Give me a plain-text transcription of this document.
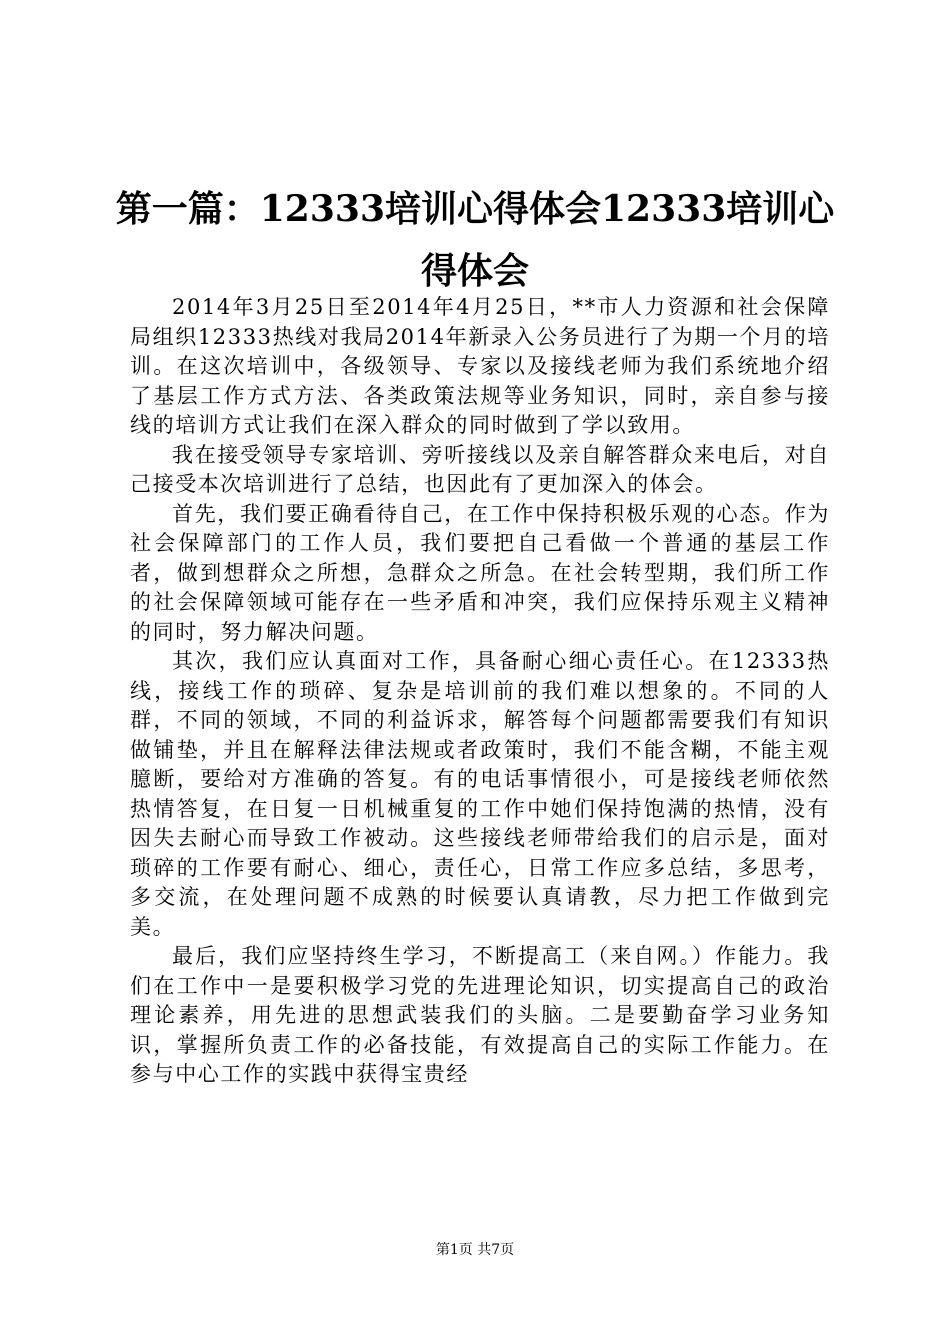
第一篇：12333培训心得体会12333培训心得体会

2014年3月25日至2014年4月25日，**市人力资源和社会保障局组织12333热线对我局2014年新录入公务员进行了为期一个月的培训。在这次培训中，各级领导、专家以及接线老师为我们系统地介绍了基层工作方式方法、各类政策法规等业务知识，同时，亲自参与接线的培训方式让我们在深入群众的同时做到了学以致用。

我在接受领导专家培训、旁听接线以及亲自解答群众来电后，对自己接受本次培训进行了总结，也因此有了更加深入的体会。

首先，我们要正确看待自己，在工作中保持积极乐观的心态。作为社会保障部门的工作人员，我们要把自己看做一个普通的基层工作者，做到想群众之所想，急群众之所急。在社会转型期，我们所工作的社会保障领域可能存在一些矛盾和冲突，我们应保持乐观主义精神的同时，努力解决问题。

其次，我们应认真面对工作，具备耐心细心责任心。在12333热线，接线工作的琐碎、复杂是培训前的我们难以想象的。不同的人群，不同的领域，不同的利益诉求，解答每个问题都需要我们有知识做铺垫，并且在解释法律法规或者政策时，我们不能含糊，不能主观臆断，要给对方准确的答复。有的电话事情很小，可是接线老师依然热情答复，在日复一日机械重复的工作中她们保持饱满的热情，没有因失去耐心而导致工作被动。这些接线老师带给我们的启示是，面对琐碎的工作要有耐心、细心，责任心，日常工作应多总结，多思考，多交流，在处理问题不成熟的时候要认真请教，尽力把工作做到完美。

最后，我们应坚持终生学习，不断提高工（来自网。）作能力。我们在工作中一是要积极学习党的先进理论知识，切实提高自己的政治理论素养，用先进的思想武装我们的头脑。二是要勤奋学习业务知识，掌握所负责工作的必备技能，有效提高自己的实际工作能力。在参与中心工作的实践中获得宝贵经

第1页 共7页
